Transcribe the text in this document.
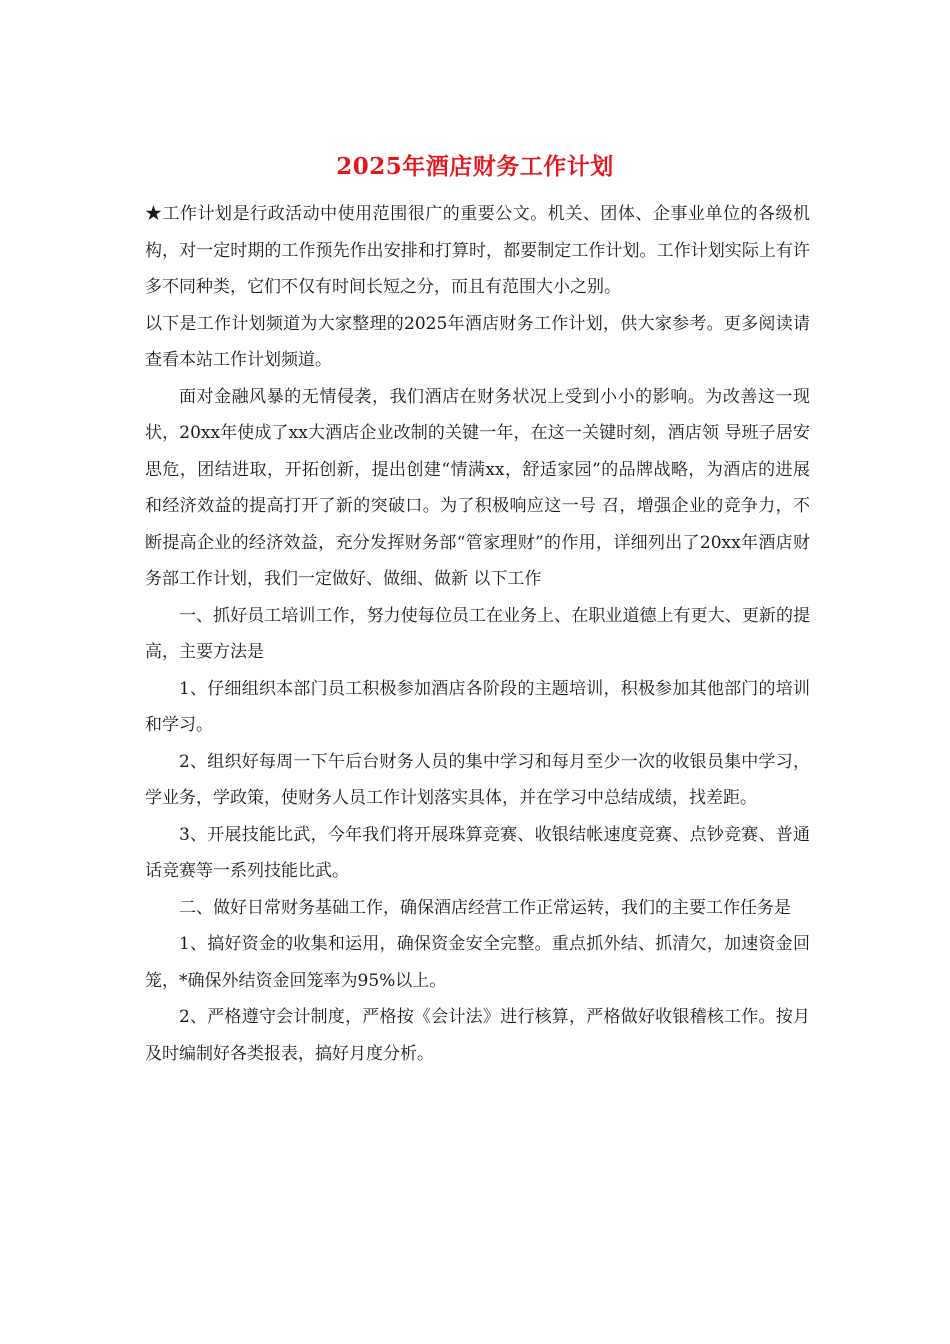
2025年酒店财务工作计划

★工作计划是行政活动中使用范围很广的重要公文。机关、团体、企事业单位的各级机构，对一定时期的工作预先作出安排和打算时，都要制定工作计划。工作计划实际上有许多不同种类，它们不仅有时间长短之分，而且有范围大小之别。

以下是工作计划频道为大家整理的2025年酒店财务工作计划，供大家参考。更多阅读请查看本站工作计划频道。

面对金融风暴的无情侵袭，我们酒店在财务状况上受到小小的影响。为改善这一现状，20xx年使成了xx大酒店企业改制的关键一年，在这一关键时刻，酒店领 导班子居安思危，团结进取，开拓创新，提出创建“情满xx，舒适家园”的品牌战略，为酒店的进展和经济效益的提高打开了新的突破口。为了积极响应这一号 召，增强企业的竞争力，不断提高企业的经济效益，充分发挥财务部“管家理财”的作用，详细列出了20xx年酒店财务部工作计划，我们一定做好、做细、做新 以下工作

一、抓好员工培训工作，努力使每位员工在业务上、在职业道德上有更大、更新的提高，主要方法是

1、仔细组织本部门员工积极参加酒店各阶段的主题培训，积极参加其他部门的培训和学习。

2、组织好每周一下午后台财务人员的集中学习和每月至少一次的收银员集中学习，学业务，学政策，使财务人员工作计划落实具体，并在学习中总结成绩，找差距。

3、开展技能比武，今年我们将开展珠算竞赛、收银结帐速度竞赛、点钞竞赛、普通话竞赛等一系列技能比武。

二、做好日常财务基础工作，确保酒店经营工作正常运转，我们的主要工作任务是

1、搞好资金的收集和运用，确保资金安全完整。重点抓外结、抓清欠，加速资金回笼，*确保外结资金回笼率为95%以上。

2、严格遵守会计制度，严格按《会计法》进行核算，严格做好收银稽核工作。按月及时编制好各类报表，搞好月度分析。
